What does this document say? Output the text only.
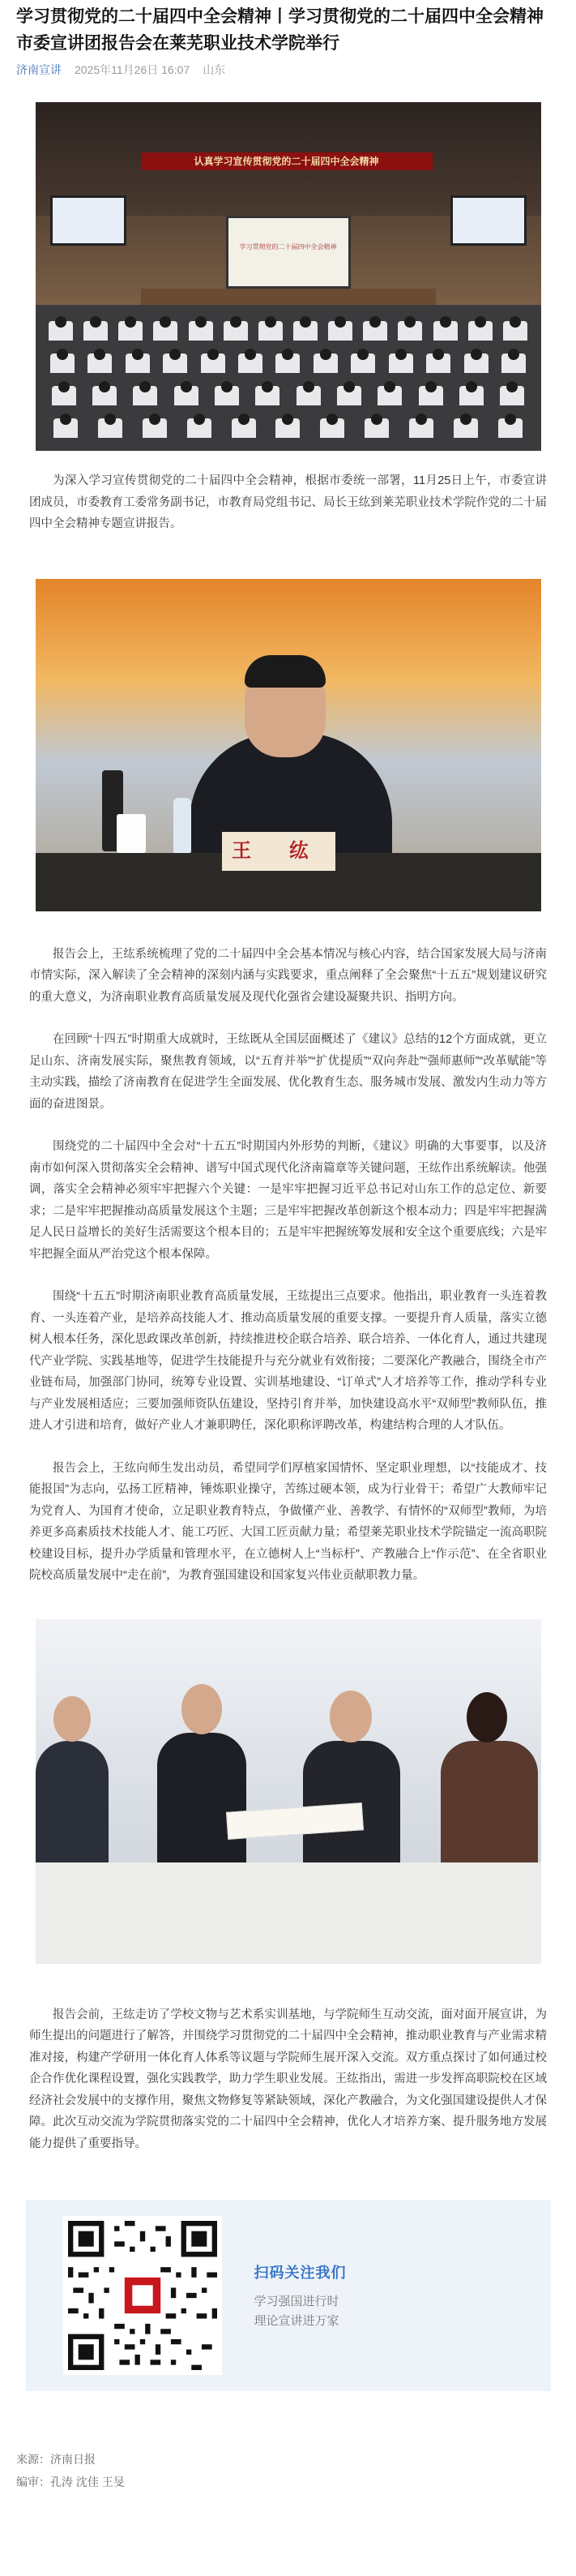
学习贯彻党的二十届四中全会精神丨学习贯彻党的二十届四中全会精神市委宣讲团报告会在莱芜职业技术学院举行
济南宣讲 2025年11月26日 16:07 山东
认真学习宣传贯彻党的二十届四中全会精神
学习贯彻党的二十届四中全会精神

为深入学习宣传贯彻党的二十届四中全会精神，根据市委统一部署，11月25日上午，市委宣讲团成员，市委教育工委常务副书记，市教育局党组书记、局长王纮到莱芜职业技术学院作党的二十届四中全会精神专题宣讲报告。

王 纮

报告会上，王纮系统梳理了党的二十届四中全会基本情况与核心内容，结合国家发展大局与济南市情实际，深入解读了全会精神的深刻内涵与实践要求，重点阐释了全会聚焦“十五五”规划建议研究的重大意义，为济南职业教育高质量发展及现代化强省会建设凝聚共识、指明方向。

在回顾“十四五”时期重大成就时，王纮既从全国层面概述了《建议》总结的12个方面成就，更立足山东、济南发展实际，聚焦教育领域，以“五育并举”“扩优提质”“双向奔赴”“强师惠师”“改革赋能”等主动实践，描绘了济南教育在促进学生全面发展、优化教育生态、服务城市发展、激发内生动力等方面的奋进图景。

围绕党的二十届四中全会对“十五五”时期国内外形势的判断，《建议》明确的大事要事，以及济南市如何深入贯彻落实全会精神、谱写中国式现代化济南篇章等关键问题，王纮作出系统解读。他强调，落实全会精神必须牢牢把握六个关键：一是牢牢把握习近平总书记对山东工作的总定位、新要求；二是牢牢把握推动高质量发展这个主题；三是牢牢把握改革创新这个根本动力；四是牢牢把握满足人民日益增长的美好生活需要这个根本目的；五是牢牢把握统筹发展和安全这个重要底线；六是牢牢把握全面从严治党这个根本保障。

围绕“十五五”时期济南职业教育高质量发展，王纮提出三点要求。他指出，职业教育一头连着教育、一头连着产业，是培养高技能人才、推动高质量发展的重要支撑。一要提升育人质量，落实立德树人根本任务，深化思政课改革创新，持续推进校企联合培养、联合培养、一体化育人，通过共建现代产业学院、实践基地等，促进学生技能提升与充分就业有效衔接；二要深化产教融合，围绕全市产业链布局，加强部门协同，统筹专业设置、实训基地建设、“订单式”人才培养等工作，推动学科专业与产业发展相适应；三要加强师资队伍建设，坚持引育并举，加快建设高水平“双师型”教师队伍，推进人才引进和培育，做好产业人才兼职聘任，深化职称评聘改革，构建结构合理的人才队伍。

报告会上，王纮向师生发出动员，希望同学们厚植家国情怀、坚定职业理想，以“技能成才、技能报国”为志向，弘扬工匠精神，锤炼职业操守，苦练过硬本领，成为行业骨干；希望广大教师牢记为党育人、为国育才使命，立足职业教育特点，争做懂产业、善教学、有情怀的“双师型”教师，为培养更多高素质技术技能人才、能工巧匠、大国工匠贡献力量；希望莱芜职业技术学院锚定一流高职院校建设目标，提升办学质量和管理水平，在立德树人上“当标杆”、产教融合上“作示范”、在全省职业院校高质量发展中“走在前”，为教育强国建设和国家复兴伟业贡献职教力量。

报告会前，王纮走访了学校文物与艺术系实训基地，与学院师生互动交流，面对面开展宣讲，为师生提出的问题进行了解答，并围绕学习贯彻党的二十届四中全会精神，推动职业教育与产业需求精准对接，构建产学研用一体化育人体系等议题与学院师生展开深入交流。双方重点探讨了如何通过校企合作优化课程设置，强化实践教学，助力学生职业发展。王纮指出，需进一步发挥高职院校在区域经济社会发展中的支撑作用，聚焦文物修复等紧缺领域，深化产教融合，为文化强国建设提供人才保障。此次互动交流为学院贯彻落实党的二十届四中全会精神，优化人才培养方案、提升服务地方发展能力提供了重要指导。

扫码关注我们
学习强国进行时
理论宣讲进万家
来源：济南日报
编审：孔涛 沈佳 王旻
